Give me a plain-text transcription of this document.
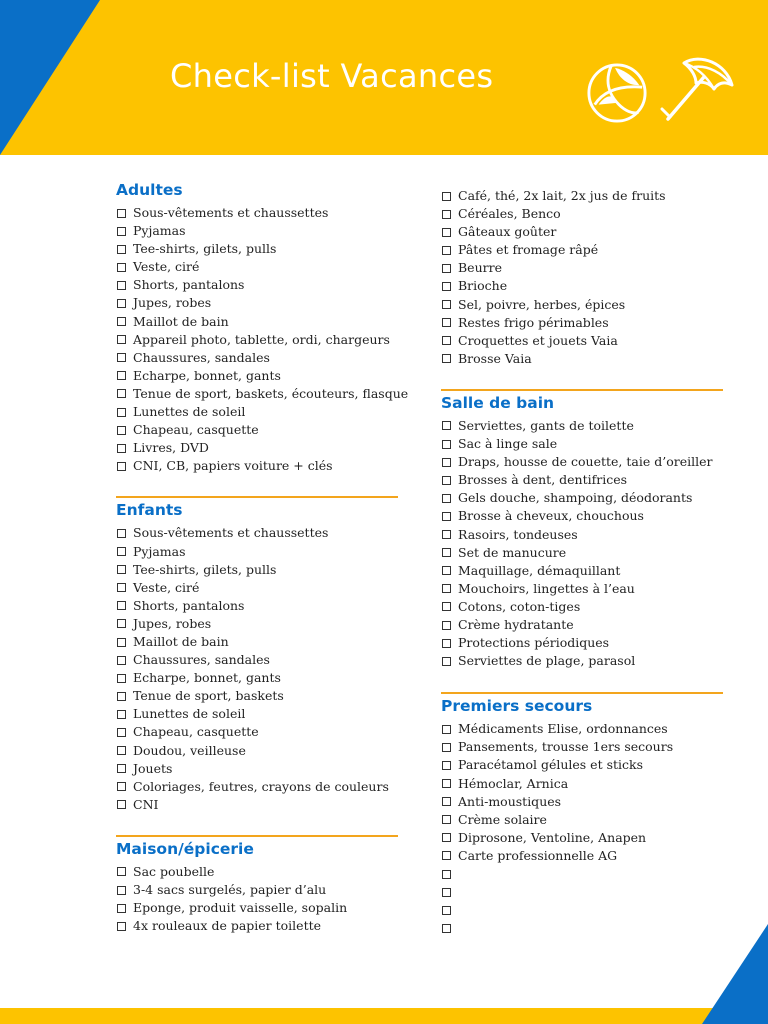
Check-list Vacances
Adultes
Sous-vêtements et chaussettes
Pyjamas
Tee-shirts, gilets, pulls
Veste, ciré
Shorts, pantalons
Jupes, robes
Maillot de bain
Appareil photo, tablette, ordi, chargeurs
Chaussures, sandales
Echarpe, bonnet, gants
Tenue de sport, baskets, écouteurs, flasque
Lunettes de soleil
Chapeau, casquette
Livres, DVD
CNI, CB, papiers voiture + clés
Enfants
Sous-vêtements et chaussettes
Pyjamas
Tee-shirts, gilets, pulls
Veste, ciré
Shorts, pantalons
Jupes, robes
Maillot de bain
Chaussures, sandales
Echarpe, bonnet, gants
Tenue de sport, baskets
Lunettes de soleil
Chapeau, casquette
Doudou, veilleuse
Jouets
Coloriages, feutres, crayons de couleurs
CNI
Maison/épicerie
Sac poubelle
3-4 sacs surgelés, papier d’alu
Eponge, produit vaisselle, sopalin
4x rouleaux de papier toilette
Café, thé, 2x lait, 2x jus de fruits
Céréales, Benco
Gâteaux goûter
Pâtes et fromage râpé
Beurre
Brioche
Sel, poivre, herbes, épices
Restes frigo périmables
Croquettes et jouets Vaia
Brosse Vaia
Salle de bain
Serviettes, gants de toilette
Sac à linge sale
Draps, housse de couette, taie d’oreiller
Brosses à dent, dentifrices
Gels douche, shampoing, déodorants
Brosse à cheveux, chouchous
Rasoirs, tondeuses
Set de manucure
Maquillage, démaquillant
Mouchoirs, lingettes à l’eau
Cotons, coton-tiges
Crème hydratante
Protections périodiques
Serviettes de plage, parasol
Premiers secours
Médicaments Elise, ordonnances
Pansements, trousse 1ers secours
Paracétamol gélules et sticks
Hémoclar, Arnica
Anti-moustiques
Crème solaire
Diprosone, Ventoline, Anapen
Carte professionnelle AG
